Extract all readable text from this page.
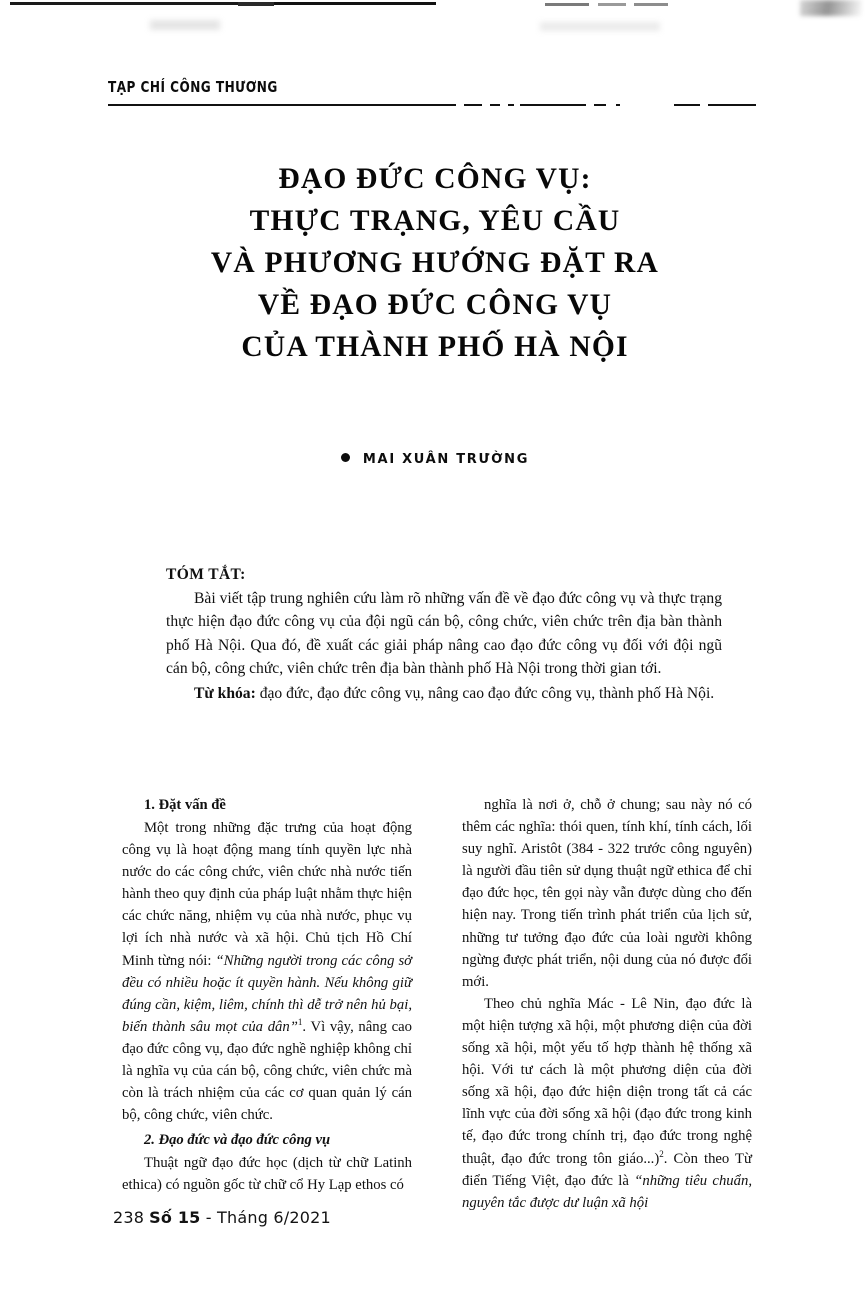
TẠP CHÍ CÔNG THƯƠNG
ĐẠO ĐỨC CÔNG VỤ:
THỰC TRẠNG, YÊU CẦU
VÀ PHƯƠNG HƯỚNG ĐẶT RA
VỀ ĐẠO ĐỨC CÔNG VỤ
CỦA THÀNH PHỐ HÀ NỘI
MAI XUÂN TRƯỜNG
TÓM TẮT:

Bài viết tập trung nghiên cứu làm rõ những vấn đề về đạo đức công vụ và thực trạng thực hiện đạo đức công vụ của đội ngũ cán bộ, công chức, viên chức trên địa bàn thành phố Hà Nội. Qua đó, đề xuất các giải pháp nâng cao đạo đức công vụ đối với đội ngũ cán bộ, công chức, viên chức trên địa bàn thành phố Hà Nội trong thời gian tới.

Từ khóa: đạo đức, đạo đức công vụ, nâng cao đạo đức công vụ, thành phố Hà Nội.

1. Đặt vấn đề

Một trong những đặc trưng của hoạt động công vụ là hoạt động mang tính quyền lực nhà nước do các công chức, viên chức nhà nước tiến hành theo quy định của pháp luật nhằm thực hiện các chức năng, nhiệm vụ của nhà nước, phục vụ lợi ích nhà nước và xã hội. Chủ tịch Hồ Chí Minh từng nói: “Những người trong các công sở đều có nhiều hoặc ít quyền hành. Nếu không giữ đúng cần, kiệm, liêm, chính thì dễ trở nên hủ bại, biến thành sâu mọt của dân”$^1$. Vì vậy, nâng cao đạo đức công vụ, đạo đức nghề nghiệp không chỉ là nghĩa vụ của cán bộ, công chức, viên chức mà còn là trách nhiệm của các cơ quan quản lý cán bộ, công chức, viên chức.

2. Đạo đức và đạo đức công vụ

Thuật ngữ đạo đức học (dịch từ chữ Latinh ethica) có nguồn gốc từ chữ cổ Hy Lạp ethos có

nghĩa là nơi ở, chỗ ở chung; sau này nó có thêm các nghĩa: thói quen, tính khí, tính cách, lối suy nghĩ. Aristôt (384 - 322 trước công nguyên) là người đầu tiên sử dụng thuật ngữ ethica để chỉ đạo đức học, tên gọi này vẫn được dùng cho đến hiện nay. Trong tiến trình phát triển của lịch sử, những tư tưởng đạo đức của loài người không ngừng được phát triển, nội dung của nó được đổi mới.

Theo chủ nghĩa Mác - Lê Nin, đạo đức là một hiện tượng xã hội, một phương diện của đời sống xã hội, một yếu tố hợp thành hệ thống xã hội. Với tư cách là một phương diện của đời sống xã hội, đạo đức hiện diện trong tất cả các lĩnh vực của đời sống xã hội (đạo đức trong kinh tế, đạo đức trong chính trị, đạo đức trong nghệ thuật, đạo đức trong tôn giáo...)$^2$. Còn theo Từ điển Tiếng Việt, đạo đức là “những tiêu chuẩn, nguyên tắc được dư luận xã hội

238 Số 15 - Tháng 6/2021
